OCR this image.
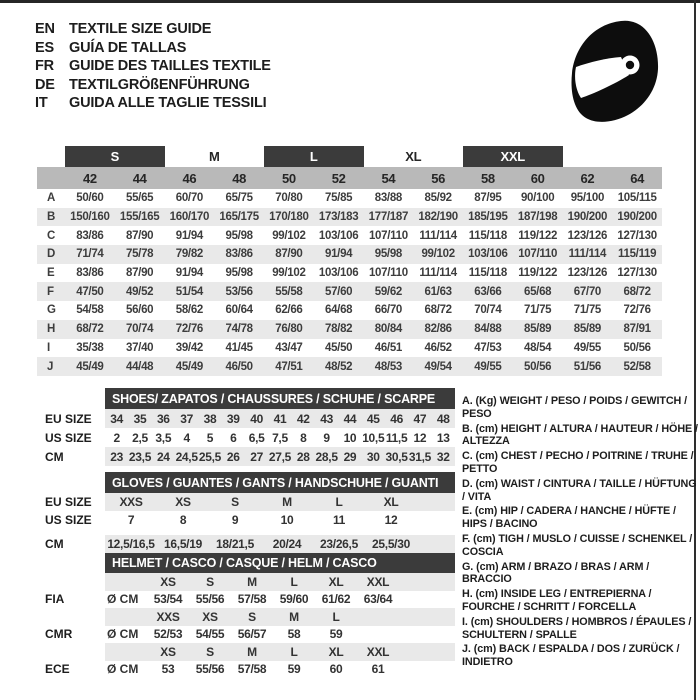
EN TEXTILE SIZE GUIDE
ES	GUÍA DE TALLAS
FR	GUIDE DES TAILLES TEXTILE
DE TEXTILGRÖßENFÜHRUNG
IT	GUIDA ALLE TAGLIE TESSILI
S	M	L	XL	XXL
42	44	46	48	50	52	54	56	58	60	62	64
A	50/60	55/65	60/70	65/75	70/80	75/85	83/88	85/92	87/95	90/100	95/100	105/115
B	150/160 155/165 160/170 165/175 170/180 173/183 177/187 182/190 185/195 187/198 190/200 190/200
C	83/86	87/90	91/94	95/98	99/102	103/106 107/110	111/114	115/118 119/122 123/126 127/130
D	71/74	75/78	79/82	83/86	87/90	91/94	95/98	99/102	103/106 107/110	111/114	115/119
E	83/86	87/90	91/94	95/98	99/102	103/106 107/110	111/114	115/118 119/122 123/126 127/130
F	47/50	49/52	51/54	53/56	55/58	57/60	59/62	61/63	63/66	65/68	67/70	68/72
G	54/58	56/60	58/62	60/64	62/66	64/68	66/70	68/72	70/74	71/75	71/75	72/76
H	68/72	70/74	72/76	74/78	76/80	78/82	80/84	82/86	84/88	85/89	85/89	87/91
I	35/38	37/40	39/42	41/45	43/47	45/50	46/51	46/52	47/53	48/54	49/55	50/56
J	45/49	44/48	45/49	46/50	47/51	48/52	48/53	49/54	49/55	50/56	51/56	52/58
SHOES/ ZAPATOS / CHAUSSURES / SCHUHE / SCARPE
EU SIZE	34 35 36 37 38 39 40 41 42 43 44 45 46 47 48
US SIZE	2	2,5 3,5	4	5	6	6,5 7,5	8	9	10 10,5 11,5 12 13
CM	23 23,5 24 24,5 25,5 26 27 27,5 28 28,5 29 30 30,5 31,5 32
GLOVES / GUANTES / GANTS / HANDSCHUHE / GUANTI
EU SIZE	XXS	XS	S	M	L	XL
US SIZE	7	8	9	10	11	12
CM	12,5/16,5 16,5/19	18/21,5	20/24	23/26,5	25,5/30
HELMET / CASCO / CASQUE / HELM / CASCO
XS	S	M	L	XL	XXL
FIA	Ø CM	53/54	55/56	57/58	59/60	61/62	63/64
XXS	XS	S	M	L
CMR	Ø CM	52/53	54/55	56/57	58	59
XS	S	M	L	XL	XXL
ECE	Ø CM	53	55/56	57/58	59	60	61
A. (Kg) WEIGHT / PESO / POIDS / GEWITCH / PESO
B. (cm) HEIGHT / ALTURA / HAUTEUR / HÖHE / ALTEZZA
C. (cm) CHEST / PECHO / POITRINE / TRUHE / PETTO
D. (cm) WAIST / CINTURA / TAILLE / HÜFTUNG / VITA
E. (cm) HIP / CADERA / HANCHE / HÜFTE / HIPS / BACINO
F. (cm) TIGH / MUSLO / CUISSE / SCHENKEL / COSCIA
G. (cm) ARM / BRAZO / BRAS / ARM / BRACCIO
H. (cm) INSIDE LEG / ENTREPIERNA / FOURCHE / SCHRITT / FORCELLA
I. (cm) SHOULDERS / HOMBROS / ÉPAULES / SCHULTERN / SPALLE
J. (cm) BACK / ESPALDA / DOS / ZURÜCK / INDIETRO
